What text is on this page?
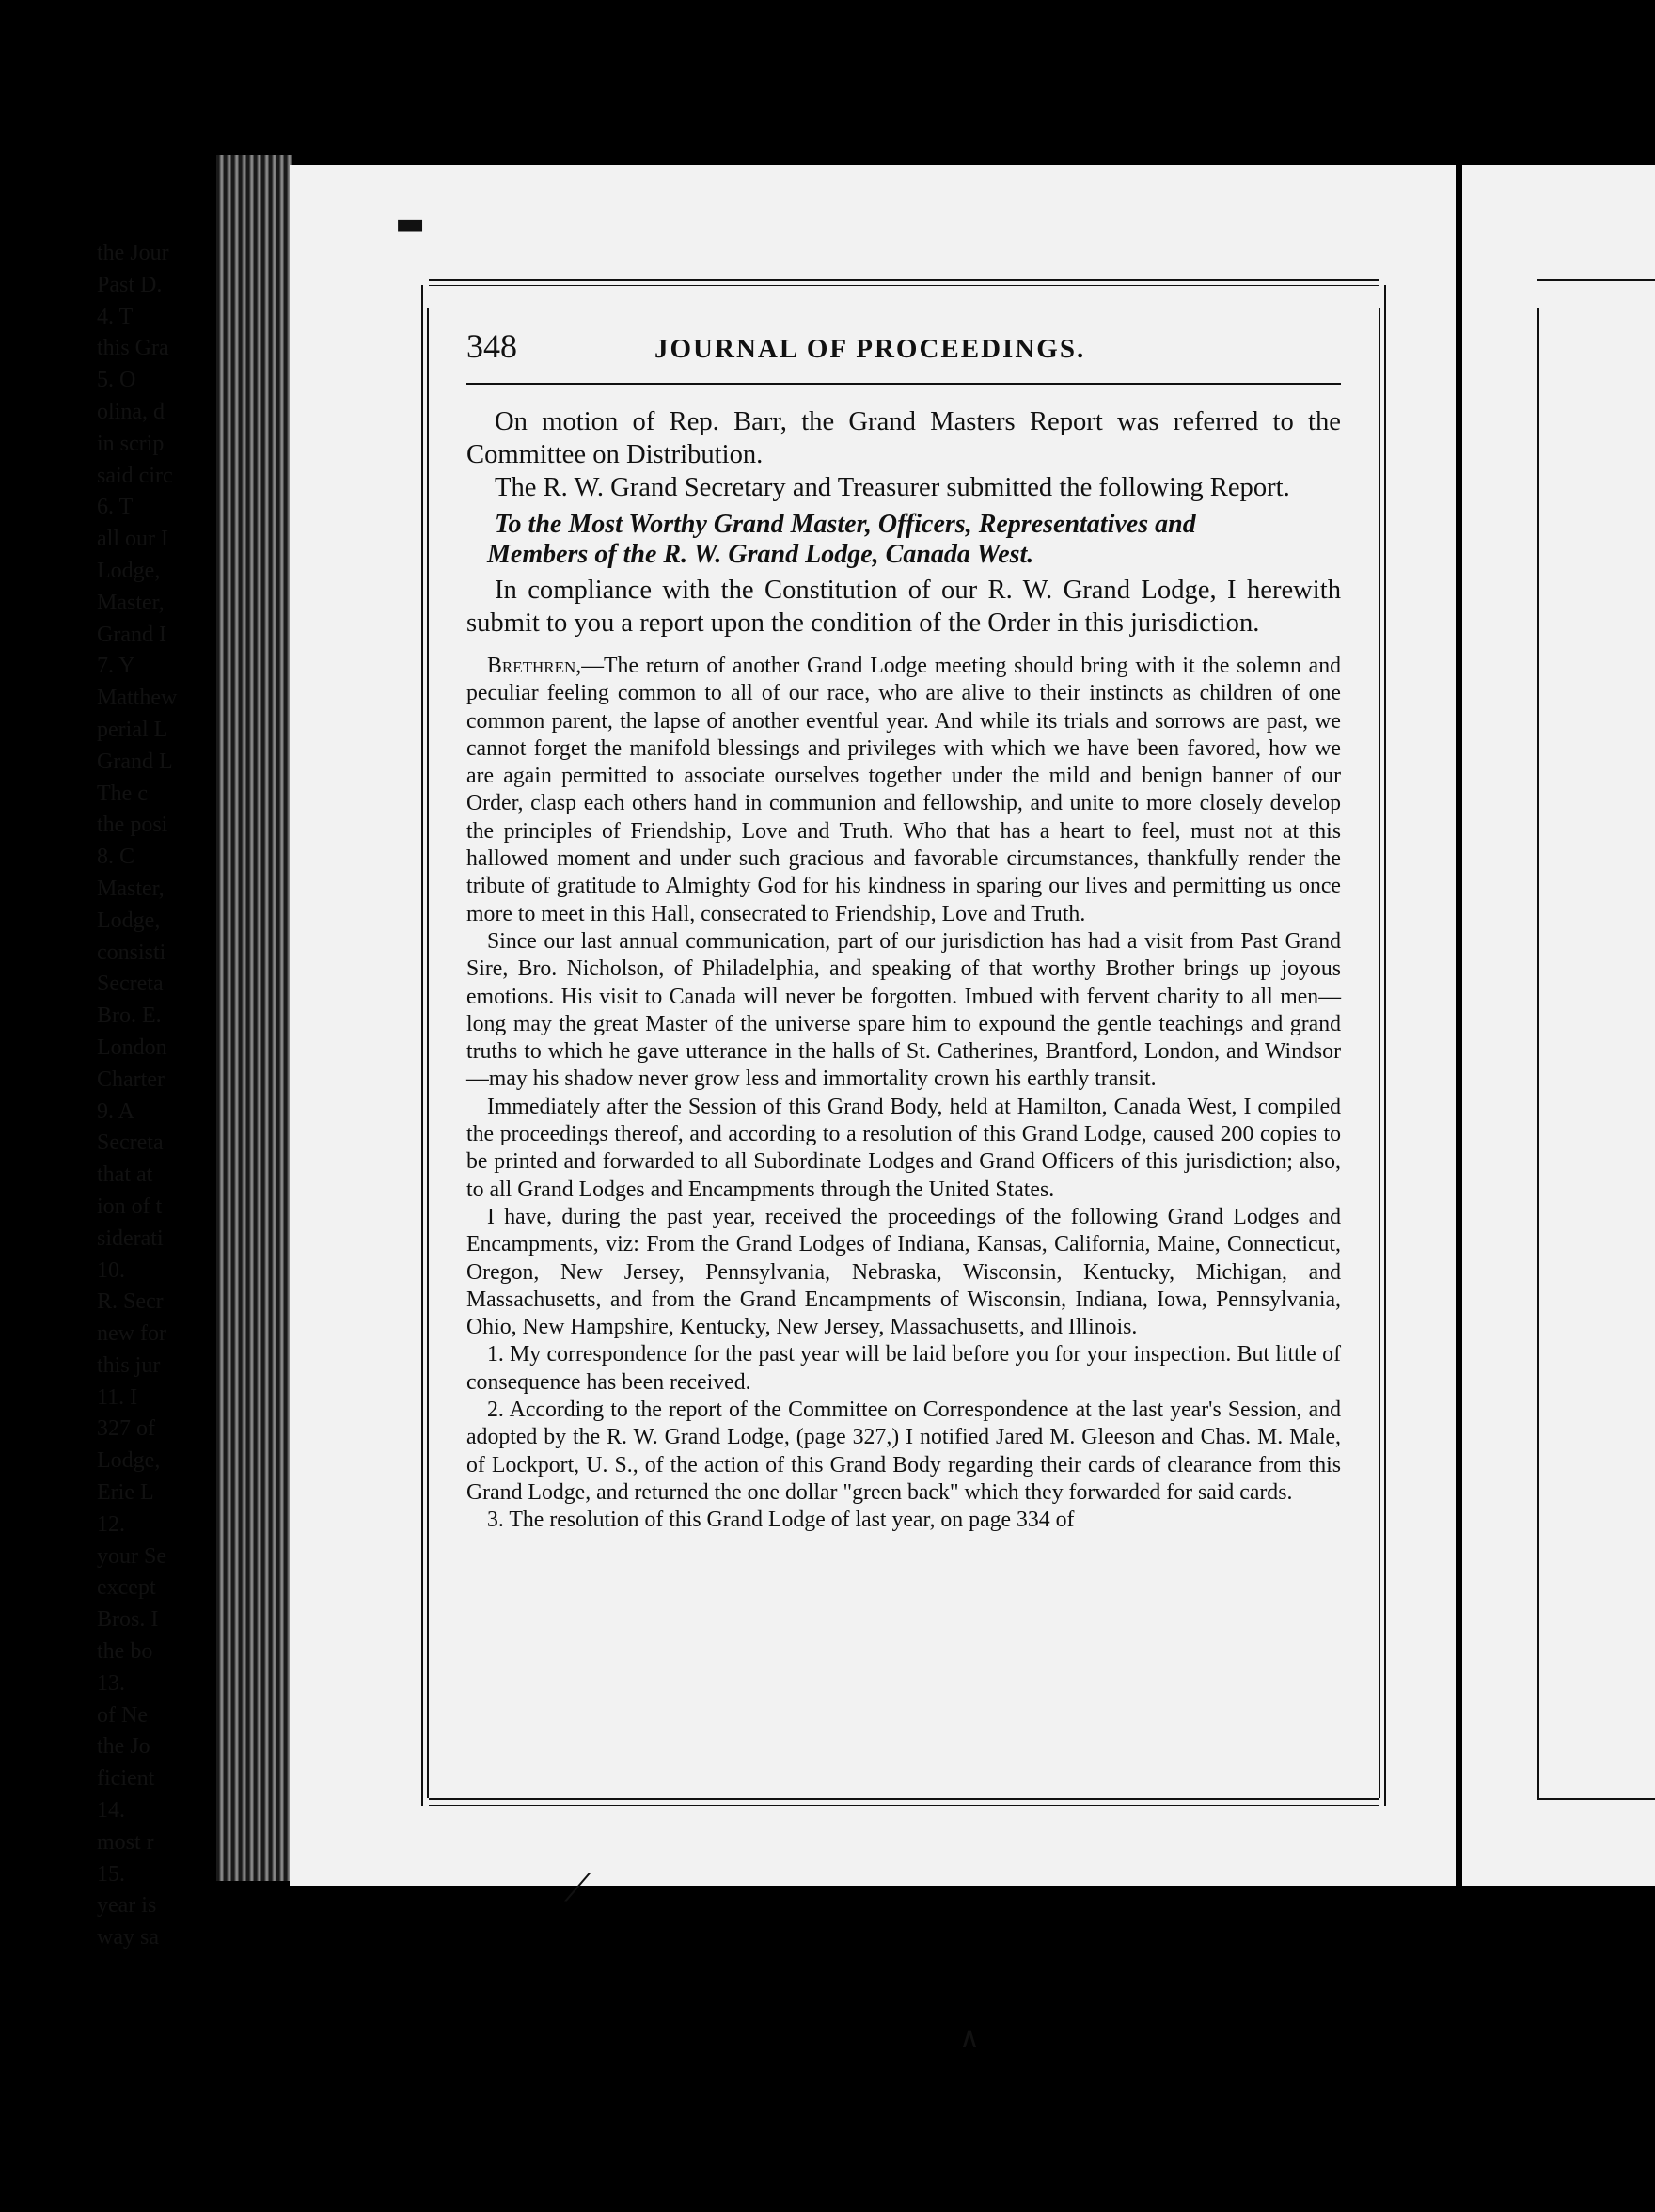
348	JOURNAL OF PROCEEDINGS.

On motion of Rep. Barr, the Grand Masters Report was referred to the Committee on Distribution.

The R. W. Grand Secretary and Treasurer submitted the following Report.

To the Most Worthy Grand Master, Officers, Representatives and
Members of the R. W. Grand Lodge, Canada West.

In compliance with the Constitution of our R. W. Grand Lodge, I herewith submit to you a report upon the condition of the Order in this jurisdiction.

Brethren,—The return of another Grand Lodge meeting should bring with it the solemn and peculiar feeling common to all of our race, who are alive to their instincts as children of one common parent, the lapse of another eventful year. And while its trials and sorrows are past, we cannot forget the manifold blessings and privileges with which we have been favored, how we are again permitted to associate ourselves together under the mild and benign banner of our Order, clasp each others hand in communion and fellowship, and unite to more closely develop the principles of Friendship, Love and Truth. Who that has a heart to feel, must not at this hallowed moment and under such gracious and favorable circumstances, thankfully render the tribute of gratitude to Almighty God for his kindness in sparing our lives and permitting us once more to meet in this Hall, consecrated to Friendship, Love and Truth.

Since our last annual communication, part of our jurisdiction has had a visit from Past Grand Sire, Bro. Nicholson, of Philadelphia, and speaking of that worthy Brother brings up joyous emotions. His visit to Canada will never be forgotten. Imbued with fervent charity to all men—long may the great Master of the universe spare him to expound the gentle teachings and grand truths to which he gave utterance in the halls of St. Catherines, Brantford, London, and Windsor—may his shadow never grow less and immortality crown his earthly transit.

Immediately after the Session of this Grand Body, held at Hamilton, Canada West, I compiled the proceedings thereof, and according to a resolution of this Grand Lodge, caused 200 copies to be printed and forwarded to all Subordinate Lodges and Grand Officers of this jurisdiction; also, to all Grand Lodges and Encampments through the United States.

I have, during the past year, received the proceedings of the following Grand Lodges and Encampments, viz: From the Grand Lodges of Indiana, Kansas, California, Maine, Connecticut, Oregon, New Jersey, Pennsylvania, Nebraska, Wisconsin, Kentucky, Michigan, and Massachusetts, and from the Grand Encampments of Wisconsin, Indiana, Iowa, Pennsylvania, Ohio, New Hampshire, Kentucky, New Jersey, Massachusetts, and Illinois.

1. My correspondence for the past year will be laid before you for your inspection. But little of consequence has been received.

2. According to the report of the Committee on Correspondence at the last year's Session, and adopted by the R. W. Grand Lodge, (page 327,) I notified Jared M. Gleeson and Chas. M. Male, of Lockport, U. S., of the action of this Grand Body regarding their cards of clearance from this Grand Lodge, and returned the one dollar "green back" which they forwarded for said cards.

3. The resolution of this Grand Lodge of last year, on page 334 of

the Jour
Past D.
4. T
this Gra
5. O
olina, d
in scrip
said circ
6. T
all our I
Lodge,
Master,
Grand I
7. Y
Matthew
perial L
Grand L
The c
the posi
8. C
Master,
Lodge,
consisti
Secreta
Bro. E.
London
Charter
9. A
Secreta
that at
ion of t
siderati
10.
R. Secr
new for
this jur
11. I
327 of
Lodge,
Erie L
12.
your Se
except
Bros. I
the bo
13.
of Ne
the Jo
ficient
14.
most r
15.
year is
way sa
▬
⟋
∧
